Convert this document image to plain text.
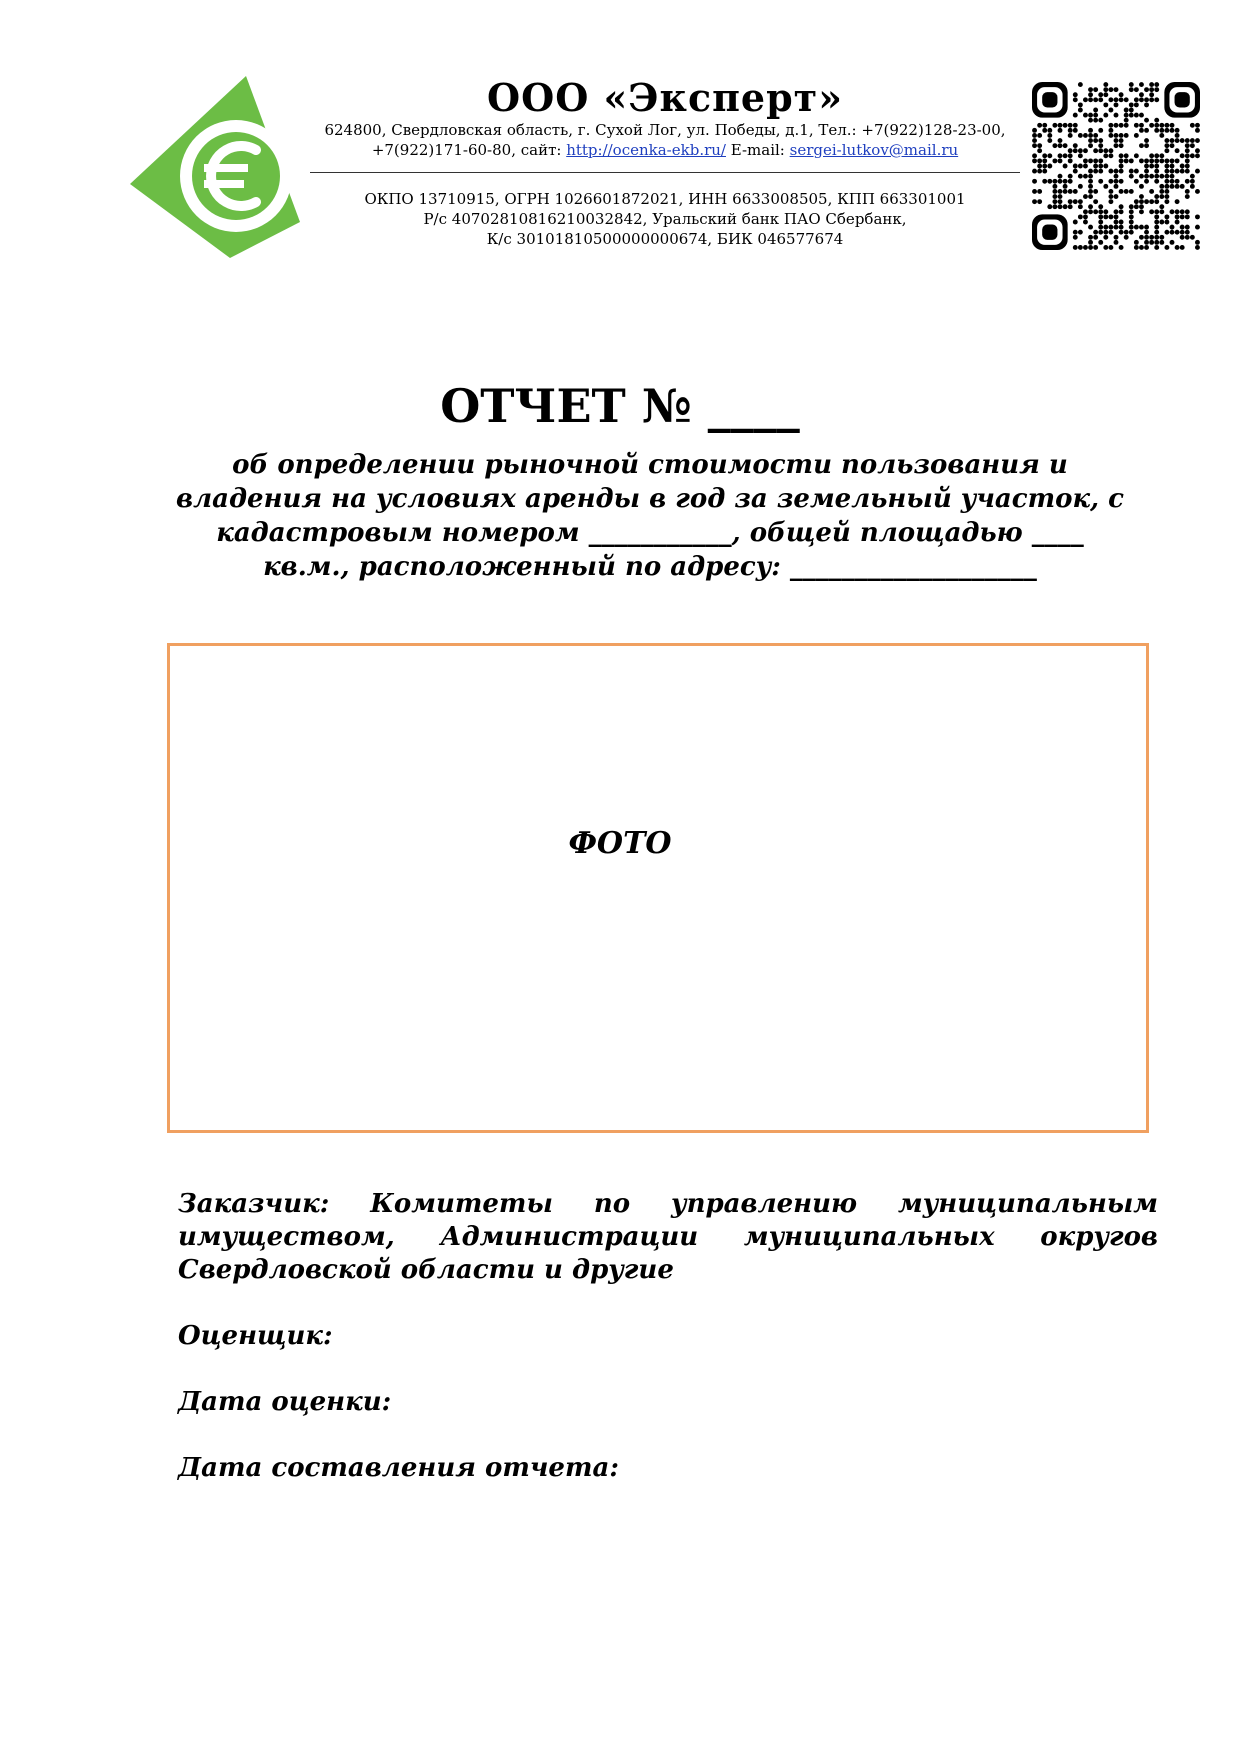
ООО «Эксперт»
624800, Свердловская область, г. Сухой Лог, ул. Победы, д.1, Тел.: +7(922)128-23-00,
+7(922)171-60-80, сайт: http://ocenka-ekb.ru/ E-mail: sergei-lutkov@mail.ru
ОКПО 13710915, ОГРН 1026601872021, ИНН 6633008505, КПП 663301001
Р/с 40702810816210032842, Уральский банк ПАО Сбербанк,
К/с 30101810500000000674, БИК 046577674
ОТЧЕТ № ____
об определении рыночной стоимости пользования и
владения на условиях аренды в год за земельный участок, с
кадастровым номером ___________, общей площадью ____
кв.м., расположенный по адресу: ___________________
ФОТО
Заказчик: Комитеты по управлению муниципальным имуществом, Администрации муниципальных округов Свердловской области и другие
Оценщик:
Дата оценки:
Дата составления отчета:
